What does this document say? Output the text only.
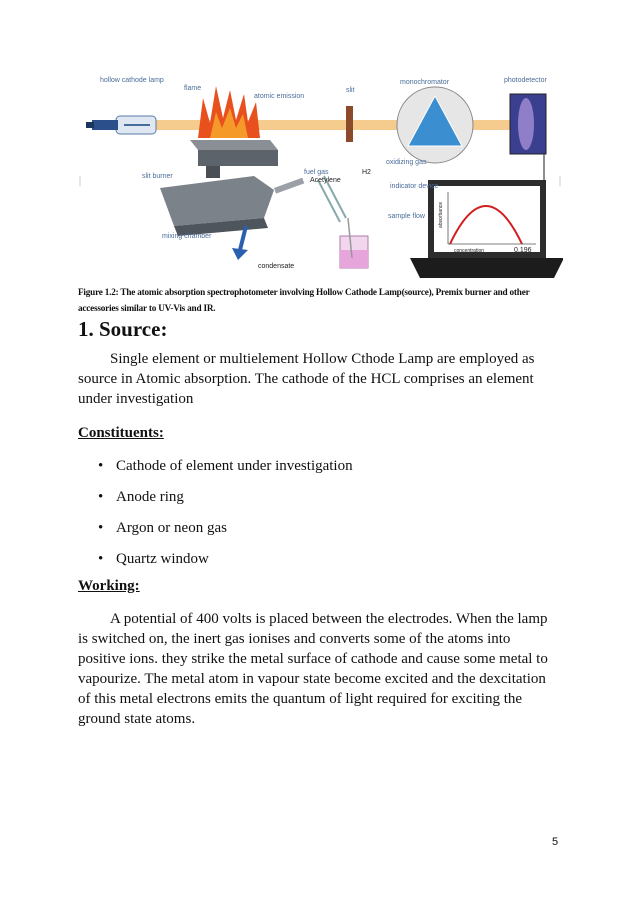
hollow cathode lamp
flame
atomic emission
slit
monochromator	photodetector
slit burner
fuel gas
Acetylene
oxidizing gas
H2
indicator device
sample flow
mixing chamber
condensate
0.196
concentration
absorbance
Figure 1.2: The atomic absorption spectrophotometer involving Hollow Cathode Lamp(source), Premix burner and other accessories similar to UV-Vis and IR.
1. Source:

Single element or multielement Hollow Cthode Lamp are employed as source in Atomic absorption. The cathode of the HCL comprises an element under investigation

Constituents:

• Cathode of element under investigation
• Anode ring
• Argon or neon gas
• Quartz window

Working:

A potential of 400 volts is placed between the electrodes. When the lamp is switched on, the inert gas ionises and converts some of the atoms into positive ions. they strike the metal surface of cathode and cause some metal to vapourize. The metal atom in vapour state become excited and the dexcitation of this metal electrons emits the quantum of light required for exciting the ground state atoms.

5
